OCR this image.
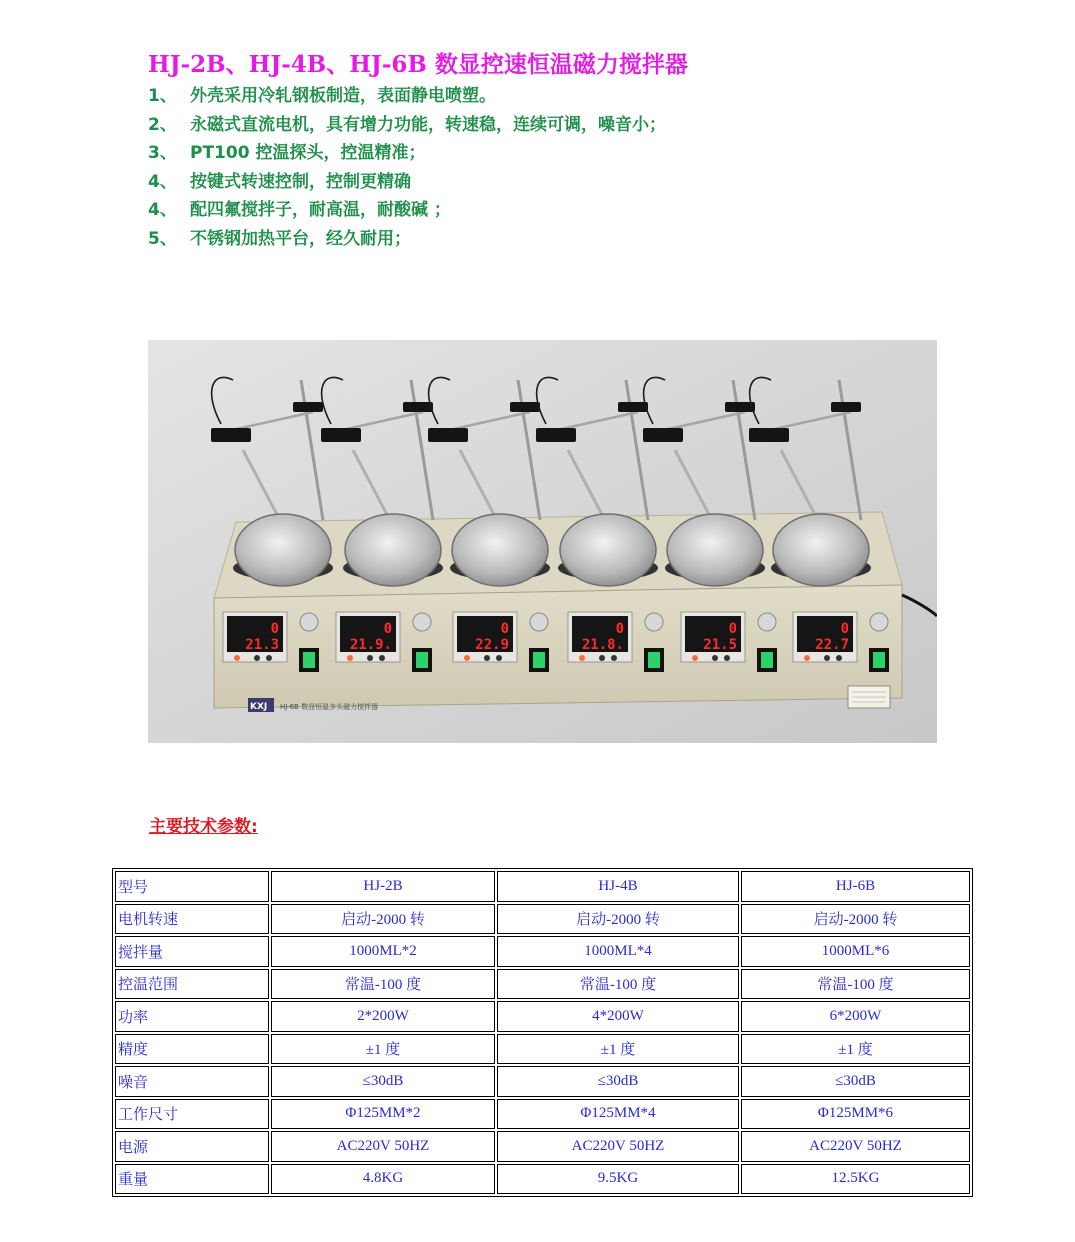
HJ-2B、HJ-4B、HJ-6B 数显控速恒温磁力搅拌器
1、 外壳采用冷轧钢板制造，表面静电喷塑。
2、 永磁式直流电机，具有增力功能，转速稳，连续可调，噪音小；
3、 PT100 控温探头，控温精准；
4、 按键式转速控制，控制更精确
4、 配四氟搅拌子，耐高温，耐酸碱 ；
5、 不锈钢加热平台，经久耐用；
0
21.3
0
21.9.
0
22.9
0
21.8.
0
21.5
0
22.7
KXJ HJ-6B 数显恒温多头磁力搅拌器
主要技术参数:
型号	HJ-2B	HJ-4B	HJ-6B
电机转速	启动-2000 转	启动-2000 转	启动-2000 转
搅拌量	1000ML*2	1000ML*4	1000ML*6
控温范围	常温-100 度	常温-100 度	常温-100 度
功率	2*200W	4*200W	6*200W
精度	±1 度	±1 度	±1 度
噪音	≤30dB	≤30dB	≤30dB
工作尺寸	Φ125MM*2	Φ125MM*4	Φ125MM*6
电源	AC220V 50HZ	AC220V 50HZ	AC220V 50HZ
重量	4.8KG	9.5KG	12.5KG
